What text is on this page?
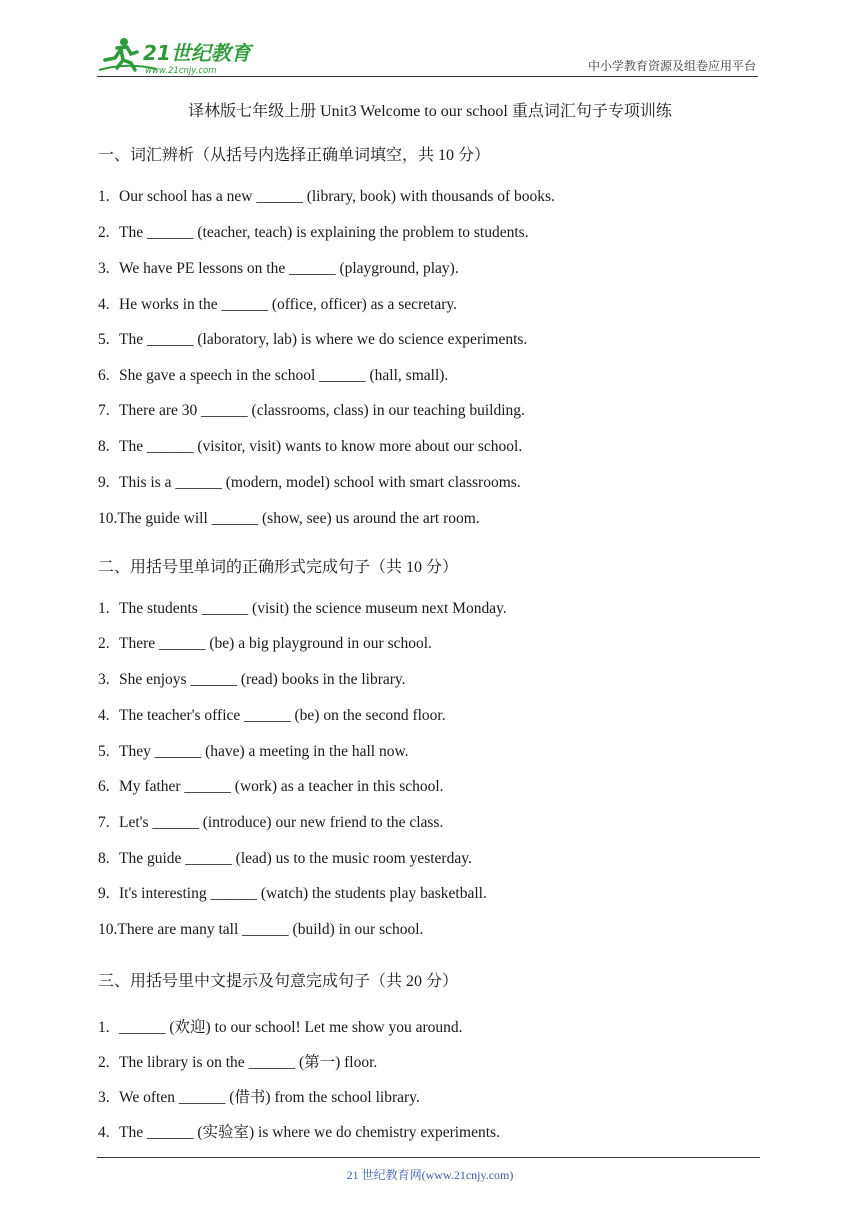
21世纪教育
www.21cnjy.com	中小学教育资源及组卷应用平台
译林版七年级上册 Unit3 Welcome to our school 重点词汇句子专项训练
一、词汇辨析（从括号内选择正确单词填空，共 10 分）
1. Our school has a new ______ (library, book) with thousands of books.
2. The ______ (teacher, teach) is explaining the problem to students.
3. We have PE lessons on the ______ (playground, play).
4. He works in the ______ (office, officer) as a secretary.
5. The ______ (laboratory, lab) is where we do science experiments.
6. She gave a speech in the school ______ (hall, small).
7. There are 30 ______ (classrooms, class) in our teaching building.
8. The ______ (visitor, visit) wants to know more about our school.
9. This is a ______ (modern, model) school with smart classrooms.
10.The guide will ______ (show, see) us around the art room.
二、用括号里单词的正确形式完成句子（共 10 分）
1. The students ______ (visit) the science museum next Monday.
2. There ______ (be) a big playground in our school.
3. She enjoys ______ (read) books in the library.
4. The teacher's office ______ (be) on the second floor.
5. They ______ (have) a meeting in the hall now.
6. My father ______ (work) as a teacher in this school.
7. Let's ______ (introduce) our new friend to the class.
8. The guide ______ (lead) us to the music room yesterday.
9. It's interesting ______ (watch) the students play basketball.
10.There are many tall ______ (build) in our school.
三、用括号里中文提示及句意完成句子（共 20 分）
1. ______ (欢迎) to our school! Let me show you around.
2. The library is on the ______ (第一) floor.
3. We often ______ (借书) from the school library.
4. The ______ (实验室) is where we do chemistry experiments.
21 世纪教育网(www.21cnjy.com)
